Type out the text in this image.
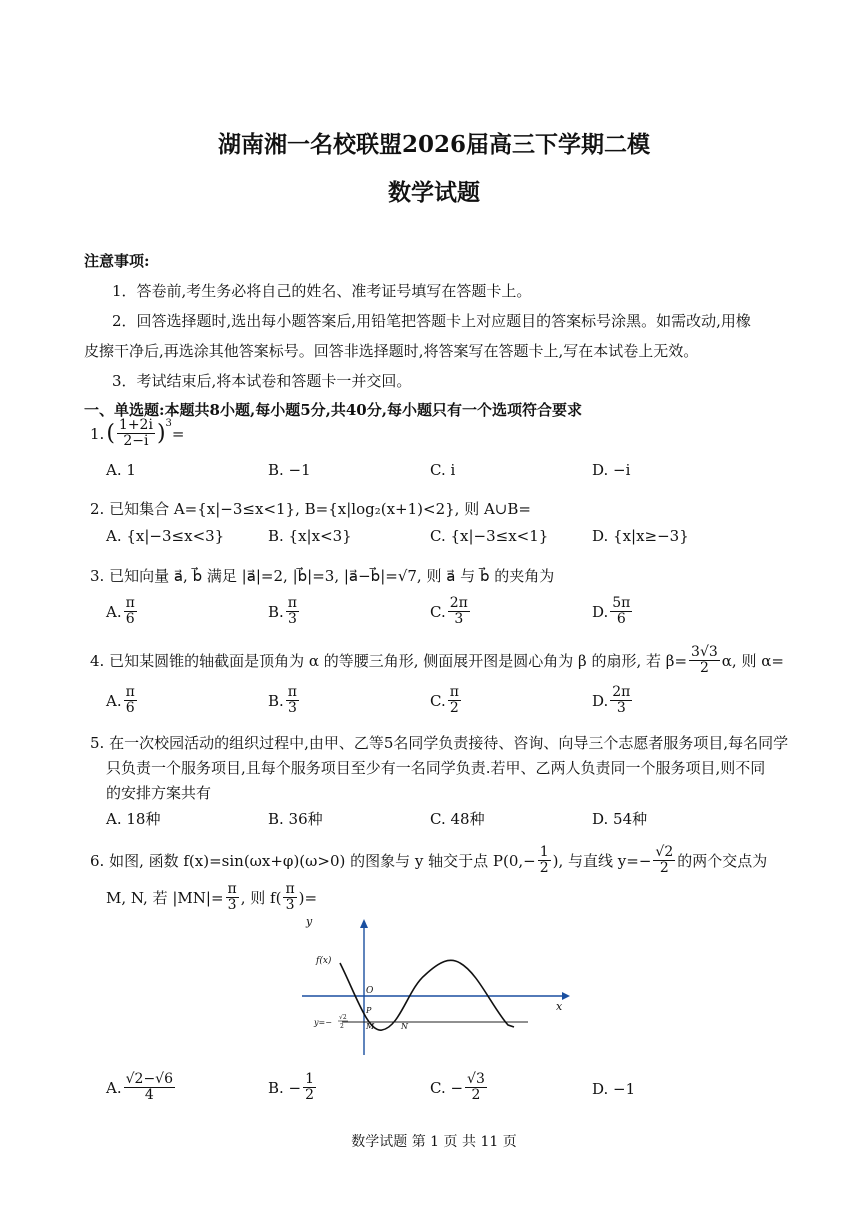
湖南湘一名校联盟2026届高三下学期二模
数学试题
注意事项:
1．答卷前,考生务必将自己的姓名、准考证号填写在答题卡上。
2．回答选择题时,选出每小题答案后,用铅笔把答题卡上对应题目的答案标号涂黑。如需改动,用橡
皮擦干净后,再选涂其他答案标号。回答非选择题时,将答案写在答题卡上,写在本试卷上无效。
3．考试结束后,将本试卷和答题卡一并交回。
一、单选题:本题共8小题,每小题5分,共40分,每小题只有一个选项符合要求
1. ( $\frac{1+2i}{2-i} )^3$
=
A. 1	B. −1	C. i	D. −i
2. 已知集合 A={x|−3≤x<1}, B={x|log₂(x+1)<2}, 则 A∪B=
A. {x|−3≤x<3}	B. {x|x<3}	C. {x|−3≤x<1}	D. {x|x≥−3}
3. 已知向量 a⃗, b⃗ 满足 |a⃗|=2, |b⃗|=3, |a⃗−b⃗|=√7, 则 a⃗ 与 b⃗ 的夹角为
A. $\frac{\pi}{6}$	B. $\frac{\pi}{3}$	C. $\frac{2\pi}{3}$	D. $\frac{5\pi}{6}$
4. 已知某圆锥的轴截面是顶角为 α 的等腰三角形, 侧面展开图是圆心角为 β 的扇形, 若 $\beta= \frac{3√3}{2} \alpha$, 则 α=
A. $\frac{\pi}{6}$	B. $\frac{\pi}{3}$	C. $\frac{\pi}{2}$	D. $\frac{2\pi}{3}$
5. 在一次校园活动的组织过程中,由甲、乙等5名同学负责接待、咨询、向导三个志愿者服务项目,每名同学
只负责一个服务项目,且每个服务项目至少有一名同学负责.若甲、乙两人负责同一个服务项目,则不同
的安排方案共有
A. 18种	B. 36种	C. 48种	D. 54种
6. 如图, 函数 f(x)=sin(ωx+φ)(ω>0) 的图象与 y 轴交于点 $P(0,- \frac{1}{2}$ ), 与直线 $y=- \frac{√2}{2}$ 的两个交点为
M, N, 若 $|MN|= \frac{\pi}{3}$ , 则 $f( \frac{\pi}{3}$ )=
y
x
O
f(x)
P
M	N
y=−
√2
2
A. $\frac{√2-√6}{4}$	B. − $\frac{1}{2}$	C. − $\frac{√3}{2}$	D. −1
数学试题 第 1 页 共 11 页
